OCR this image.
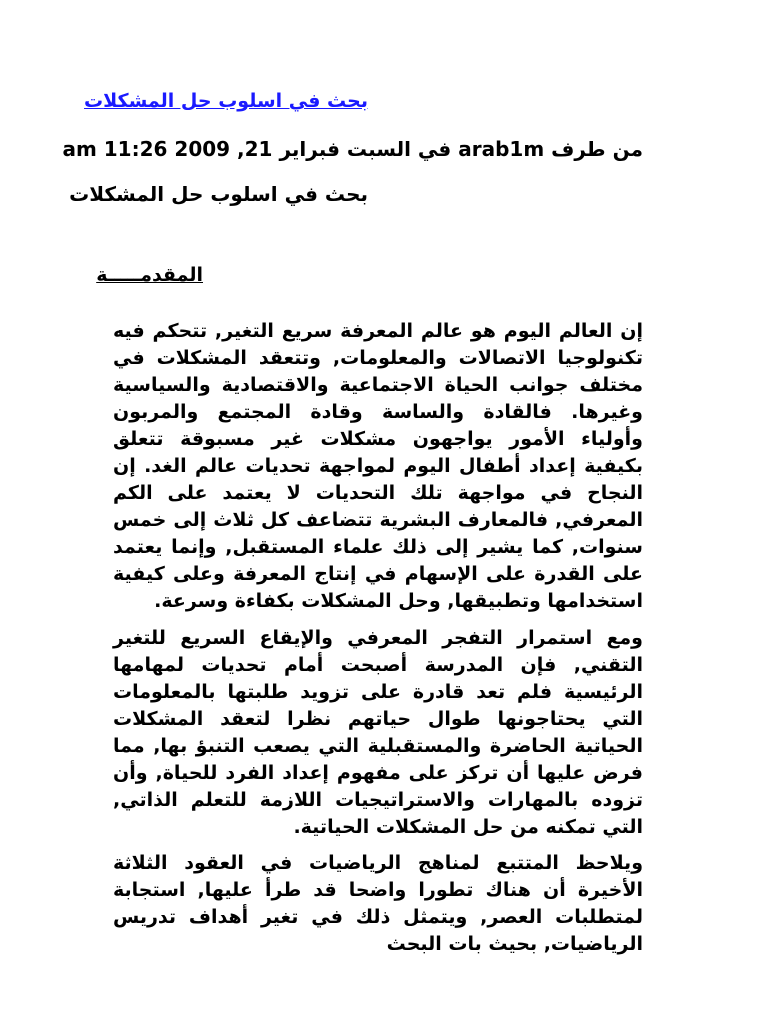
بحث في اسلوب حل المشكلات
من طرف arab1m في السبت فبراير 21, 2009 11:26 am
بحث في اسلوب حل المشكلات
المقدمـــــة

إن العالم اليوم هو عالم المعرفة سريع التغير, تتحكم فيه تكنولوجيا الاتصالات والمعلومات, وتتعقد المشكلات في مختلف جوانب الحياة الاجتماعية والاقتصادية والسياسية وغيرها. فالقادة والساسة وقادة المجتمع والمربون وأولياء الأمور يواجهون مشكلات غير مسبوقة تتعلق بكيفية إعداد أطفال اليوم لمواجهة تحديات عالم الغد. إن النجاح في مواجهة تلك التحديات لا يعتمد على الكم المعرفي, فالمعارف البشرية تتضاعف كل ثلاث إلى خمس سنوات, كما يشير إلى ذلك علماء المستقبل, وإنما يعتمد على القدرة على الإسهام في إنتاج المعرفة وعلى كيفية استخدامها وتطبيقها, وحل المشكلات بكفاءة وسرعة.

ومع استمرار التفجر المعرفي والإيقاع السريع للتغير التقني, فإن المدرسة أصبحت أمام تحديات لمهامها الرئيسية فلم تعد قادرة على تزويد طلبتها بالمعلومات التي يحتاجونها طوال حياتهم نظرا لتعقد المشكلات الحياتية الحاضرة والمستقبلية التي يصعب التنبؤ بها, مما فرض عليها أن تركز على مفهوم إعداد الفرد للحياة, وأن تزوده بالمهارات والاستراتيجيات اللازمة للتعلم الذاتي, التي تمكنه من حل المشكلات الحياتية.

ويلاحظ المتتبع لمناهج الرياضيات في العقود الثلاثة الأخيرة أن هناك تطورا واضحا قد طرأ عليها, استجابة لمتطلبات العصر, ويتمثل ذلك في تغير أهداف تدريس الرياضيات, بحيث بات البحث
